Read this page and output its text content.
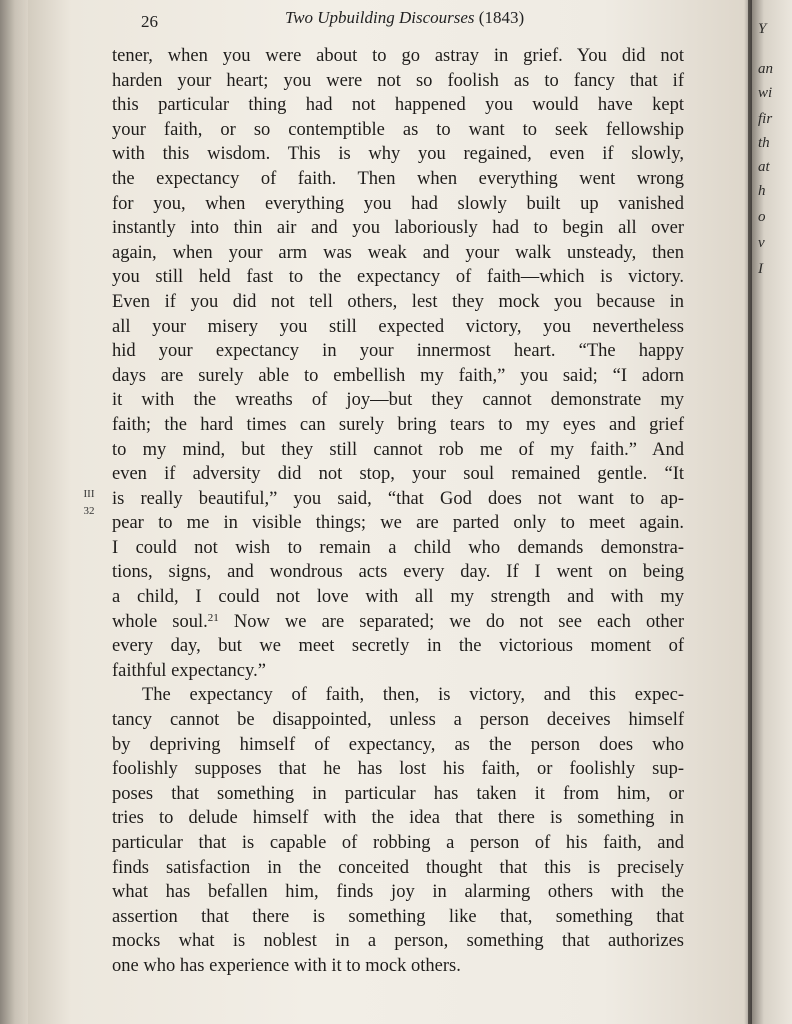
Y
an
wi
fir
th
at
h
o
v
I
26	Two Upbuilding Discourses (1843)
III
32
tener, when you were about to go astray in grief. You did not
harden your heart; you were not so foolish as to fancy that if
this particular thing had not happened you would have kept
your faith, or so contemptible as to want to seek fellowship
with this wisdom. This is why you regained, even if slowly,
the expectancy of faith. Then when everything went wrong
for you, when everything you had slowly built up vanished
instantly into thin air and you laboriously had to begin all over
again, when your arm was weak and your walk unsteady, then
you still held fast to the expectancy of faith—which is victory.
Even if you did not tell others, lest they mock you because in
all your misery you still expected victory, you nevertheless
hid your expectancy in your innermost heart. “The happy
days are surely able to embellish my faith,” you said; “I adorn
it with the wreaths of joy—but they cannot demonstrate my
faith; the hard times can surely bring tears to my eyes and grief
to my mind, but they still cannot rob me of my faith.” And
even if adversity did not stop, your soul remained gentle. “It
is really beautiful,” you said, “that God does not want to ap-
pear to me in visible things; we are parted only to meet again.
I could not wish to remain a child who demands demonstra-
tions, signs, and wondrous acts every day. If I went on being
a child, I could not love with all my strength and with my
whole soul.$^{21}$ Now we are separated; we do not see each other
every day, but we meet secretly in the victorious moment of
faithful expectancy.”
The expectancy of faith, then, is victory, and this expec-
tancy cannot be disappointed, unless a person deceives himself
by depriving himself of expectancy, as the person does who
foolishly supposes that he has lost his faith, or foolishly sup-
poses that something in particular has taken it from him, or
tries to delude himself with the idea that there is something in
particular that is capable of robbing a person of his faith, and
finds satisfaction in the conceited thought that this is precisely
what has befallen him, finds joy in alarming others with the
assertion that there is something like that, something that
mocks what is noblest in a person, something that authorizes
one who has experience with it to mock others.
